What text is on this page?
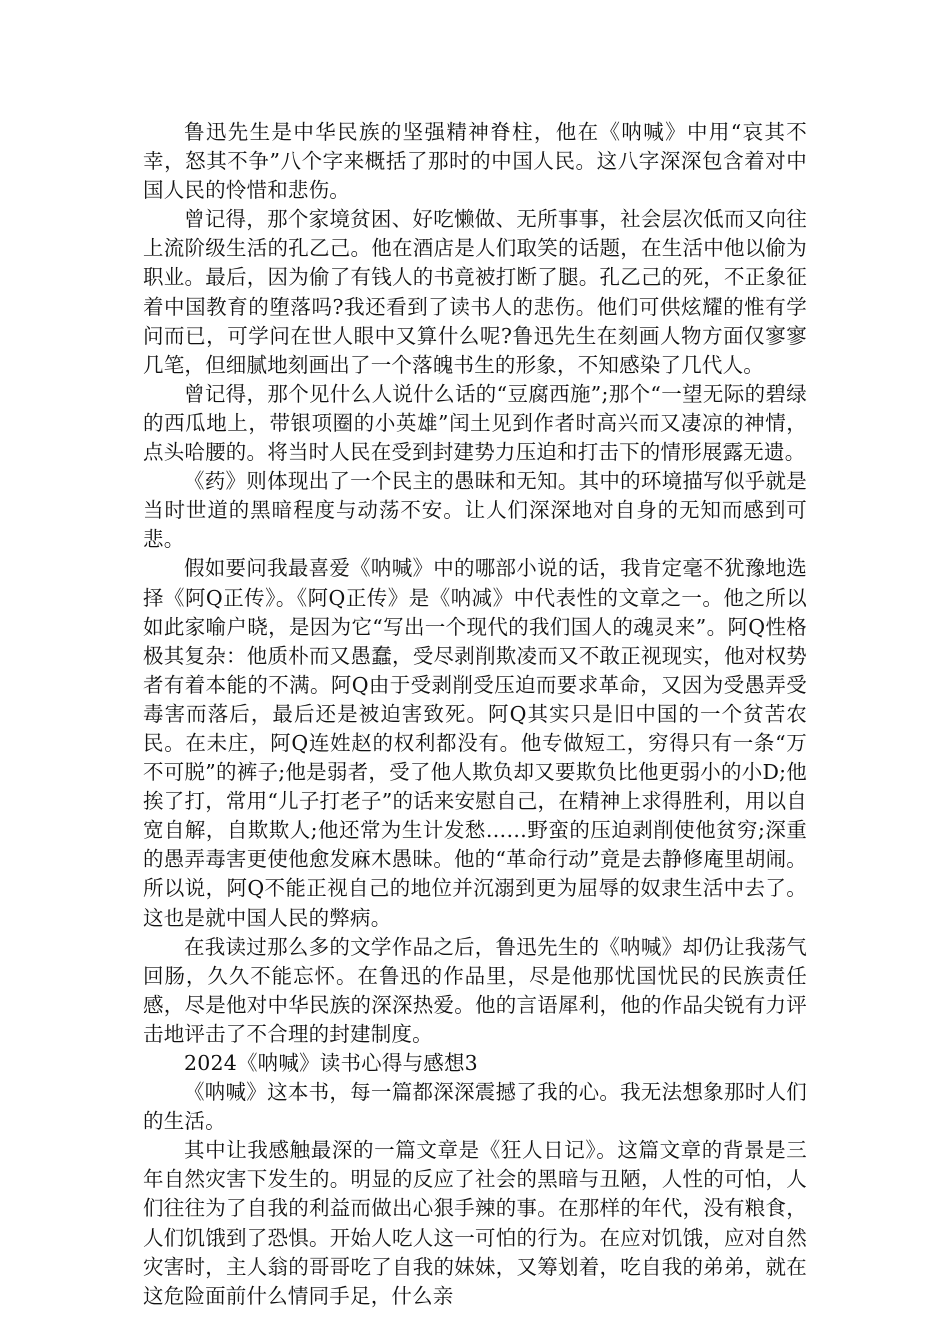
鲁迅先生是中华民族的坚强精神脊柱，他在《呐喊》中用“哀其不幸，怒其不争”八个字来概括了那时的中国人民。这八字深深包含着对中国人民的怜惜和悲伤。

曾记得，那个家境贫困、好吃懒做、无所事事，社会层次低而又向往上流阶级生活的孔乙己。他在酒店是人们取笑的话题，在生活中他以偷为职业。最后，因为偷了有钱人的书竟被打断了腿。孔乙己的死，不正象征着中国教育的堕落吗?我还看到了读书人的悲伤。他们可供炫耀的惟有学问而已，可学问在世人眼中又算什么呢?鲁迅先生在刻画人物方面仅寥寥几笔，但细腻地刻画出了一个落魄书生的形象，不知感染了几代人。

曾记得，那个见什么人说什么话的“豆腐西施”;那个“一望无际的碧绿的西瓜地上，带银项圈的小英雄”闰土见到作者时高兴而又凄凉的神情，点头哈腰的。将当时人民在受到封建势力压迫和打击下的情形展露无遗。

《药》则体现出了一个民主的愚昧和无知。其中的环境描写似乎就是当时世道的黑暗程度与动荡不安。让人们深深地对自身的无知而感到可悲。

假如要问我最喜爱《呐喊》中的哪部小说的话，我肯定毫不犹豫地选择《阿Q正传》。《阿Q正传》是《呐减》中代表性的文章之一。他之所以如此家喻户晓，是因为它“写出一个现代的我们国人的魂灵来”。阿Q性格极其复杂：他质朴而又愚蠢，受尽剥削欺凌而又不敢正视现实，他对权势者有着本能的不满。阿Q由于受剥削受压迫而要求革命，又因为受愚弄受毒害而落后，最后还是被迫害致死。阿Q其实只是旧中国的一个贫苦农民。在未庄，阿Q连姓赵的权利都没有。他专做短工，穷得只有一条“万不可脱”的裤子;他是弱者，受了他人欺负却又要欺负比他更弱小的小D;他挨了打，常用“儿子打老子”的话来安慰自己，在精神上求得胜利，用以自宽自解，自欺欺人;他还常为生计发愁……野蛮的压迫剥削使他贫穷;深重的愚弄毒害更使他愈发麻木愚昧。他的“革命行动”竟是去静修庵里胡闹。所以说，阿Q不能正视自己的地位并沉溺到更为屈辱的奴隶生活中去了。这也是就中国人民的弊病。

在我读过那么多的文学作品之后，鲁迅先生的《呐喊》却仍让我荡气回肠，久久不能忘怀。在鲁迅的作品里，尽是他那忧国忧民的民族责任感，尽是他对中华民族的深深热爱。他的言语犀利，他的作品尖锐有力评击地评击了不合理的封建制度。

2024《呐喊》读书心得与感想3

《呐喊》这本书，每一篇都深深震撼了我的心。我无法想象那时人们的生活。

其中让我感触最深的一篇文章是《狂人日记》。这篇文章的背景是三年自然灾害下发生的。明显的反应了社会的黑暗与丑陋，人性的可怕，人们往往为了自我的利益而做出心狠手辣的事。在那样的年代，没有粮食，人们饥饿到了恐惧。开始人吃人这一可怕的行为。在应对饥饿，应对自然灾害时，主人翁的哥哥吃了自我的妹妹，又筹划着，吃自我的弟弟，就在这危险面前什么情同手足，什么亲
